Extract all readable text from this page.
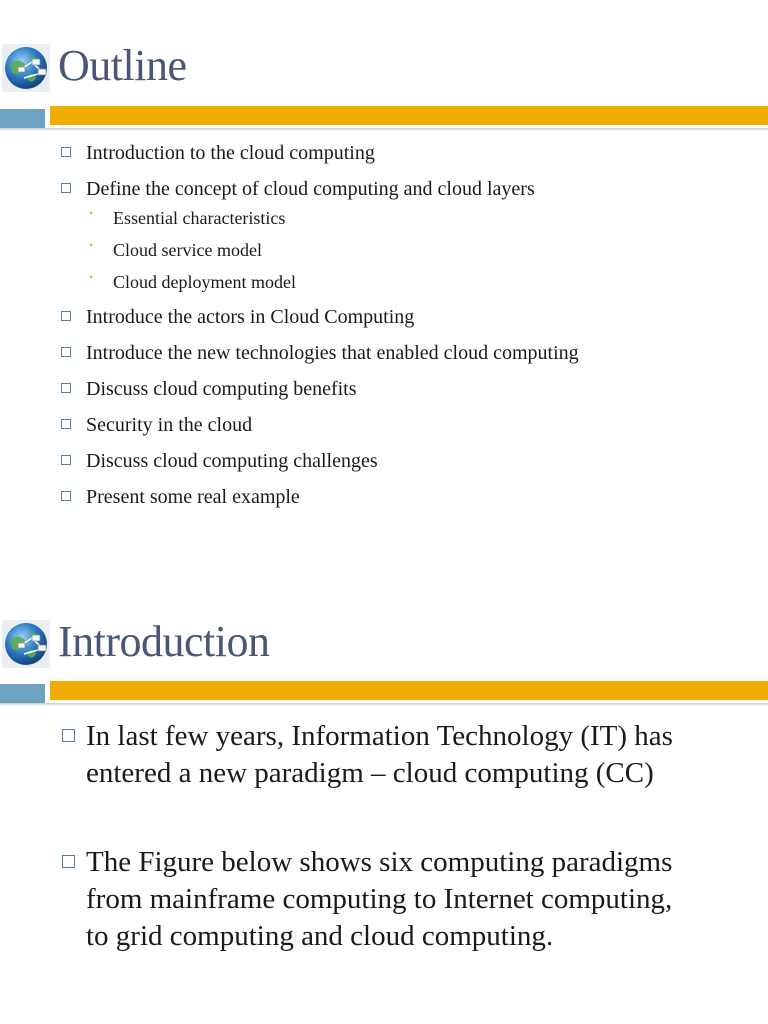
Outline
Introduction to the cloud computing
Define the concept of cloud computing and cloud layers
• Essential characteristics
• Cloud service model
• Cloud deployment model
Introduce the actors in Cloud Computing
Introduce the new technologies that enabled cloud computing
Discuss cloud computing benefits
Security in the cloud
Discuss cloud computing challenges
Present some real example
Introduction
In last few years, Information Technology (IT) has
entered a new paradigm – cloud computing (CC)
The Figure below shows six computing paradigms
from mainframe computing to Internet computing,
to grid computing and cloud computing.
